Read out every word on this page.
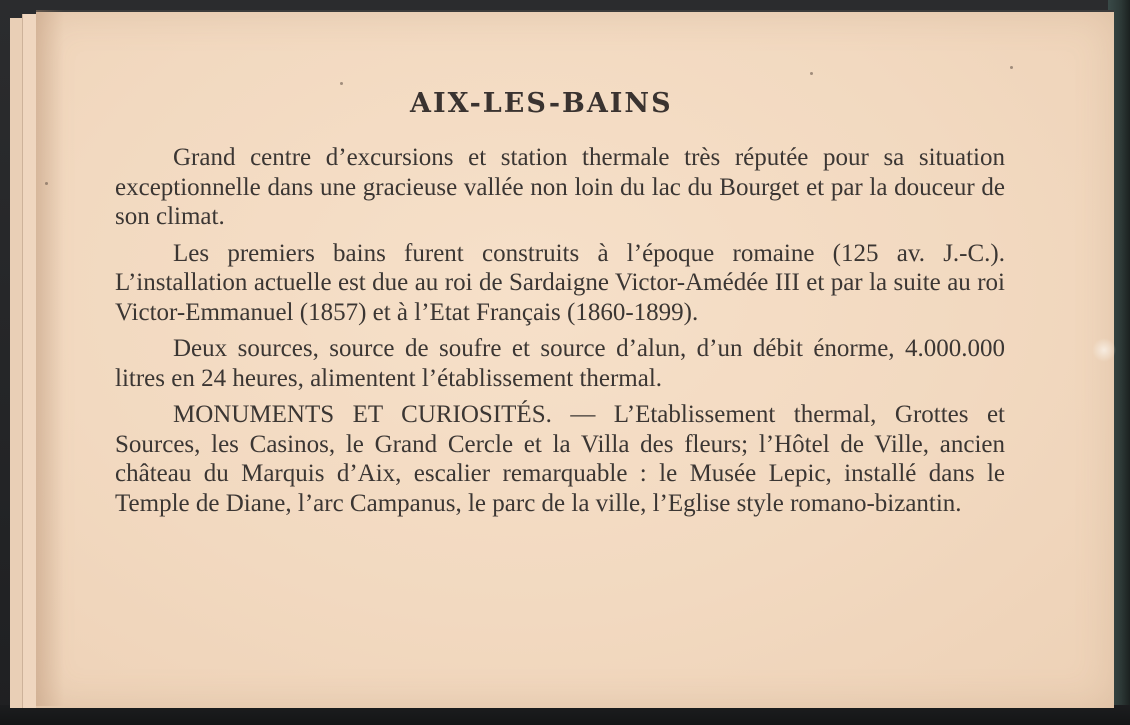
AIX-LES-BAINS

Grand centre d’excursions et station thermale très réputée pour sa situation exceptionnelle dans une gracieuse vallée non loin du lac du Bourget et par la douceur de son climat.

Les premiers bains furent construits à l’époque romaine (125 av. J.-C.). L’installation actuelle est due au roi de Sardaigne Victor-Amédée III et par la suite au roi Victor-Emmanuel (1857) et à l’Etat Français (1860-1899).

Deux sources, source de soufre et source d’alun, d’un débit énorme, 4.000.000 litres en 24 heures, alimentent l’établissement thermal.

MONUMENTS ET CURIOSITÉS. — L’Etablissement thermal, Grottes et Sources, les Casinos, le Grand Cercle et la Villa des fleurs; l’Hôtel de Ville, ancien château du Marquis d’Aix, escalier remarquable : le Musée Lepic, installé dans le Temple de Diane, l’arc Campanus, le parc de la ville, l’Eglise style romano-bizantin.
